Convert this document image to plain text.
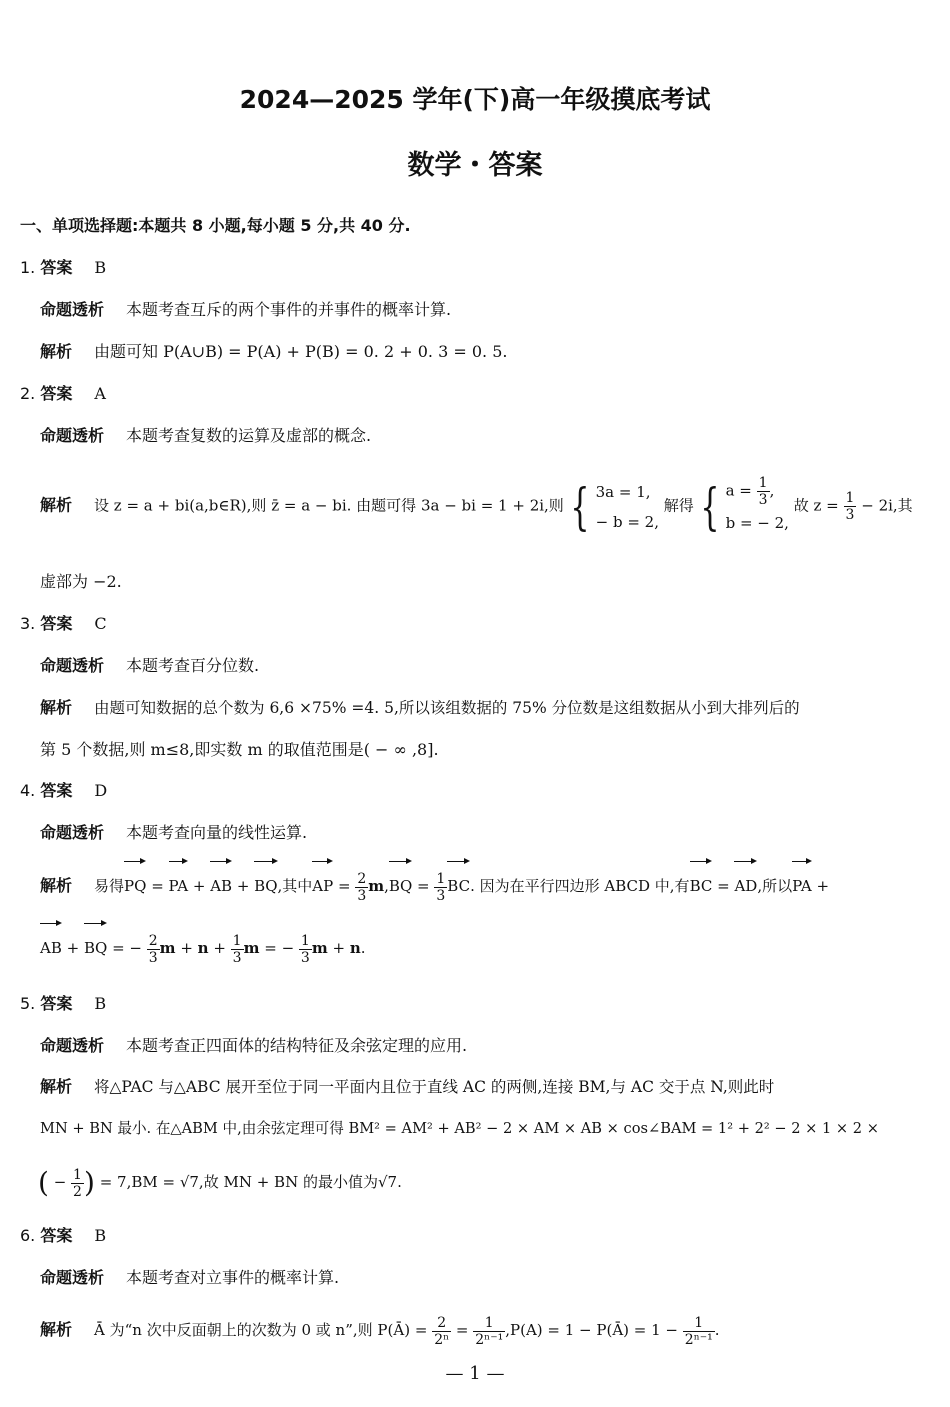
2024—2025 学年(下)高一年级摸底考试
数学・答案
一、单项选择题:本题共 8 小题,每小题 5 分,共 40 分.
1. 答案 B
命题透析 本题考查互斥的两个事件的并事件的概率计算.
解析 由题可知 P(A∪B) = P(A) + P(B) = 0. 2 + 0. 3 = 0. 5.
2. 答案 A
命题透析 本题考查复数的运算及虚部的概念.
解析 设 z = a + bi(a,b∈R),则 z̄ = a − bi. 由题可得 3a − bi = 1 + 2i,则 { 3a = 1,
− b = 2,
解得 { $a = \frac{1}{3}$ ,
b = − 2,
故 $z = \frac{1}{3} - 2i$,其
虚部为 −2.
3. 答案 C
命题透析 本题考查百分位数.
解析 由题可知数据的总个数为 6,6 ×75% =4. 5,所以该组数据的 75% 分位数是这组数据从小到大排列后的
第 5 个数据,则 m≤8,即实数 m 的取值范围是( − ∞ ,8].
4. 答案 D
命题透析 本题考查向量的线性运算.
解析 易得PQ = PA + AB + BQ,其中AP = $\frac{2}{3} m,BQ = \frac{1}{3}$ BC. 因为在平行四边形 ABCD 中,有BC = AD,所以PA +
AB + BQ = − $\frac{2}{3}$ $m + n + \frac{1}{3}$ m = − $\frac{1}{3}$ m + n.
5. 答案 B
命题透析 本题考查正四面体的结构特征及余弦定理的应用.
解析 将△PAC 与△ABC 展开至位于同一平面内且位于直线 AC 的两侧,连接 BM,与 AC 交于点 N,则此时
MN + BN 最小. 在△ABM 中,由余弦定理可得 BM² = AM² + AB² − 2 × AM × AB × cos∠BAM = 1² + 2² − 2 × 1 × 2 ×
( − $\frac{1}{2}$ ) = 7,BM = √7,故 MN + BN 的最小值为√7.
6. 答案 B
命题透析 本题考查对立事件的概率计算.
解析 Ā 为“n 次中反面朝上的次数为 0 或 n”,则 P(Ā) = $\frac{2}{\text{2ⁿ}} = \frac{1}{\text{2ⁿ⁻¹}} ,P(A) = 1$ − P(Ā) = $1 - \frac{1}{\text{2ⁿ⁻¹}}$ .
— 1 —
